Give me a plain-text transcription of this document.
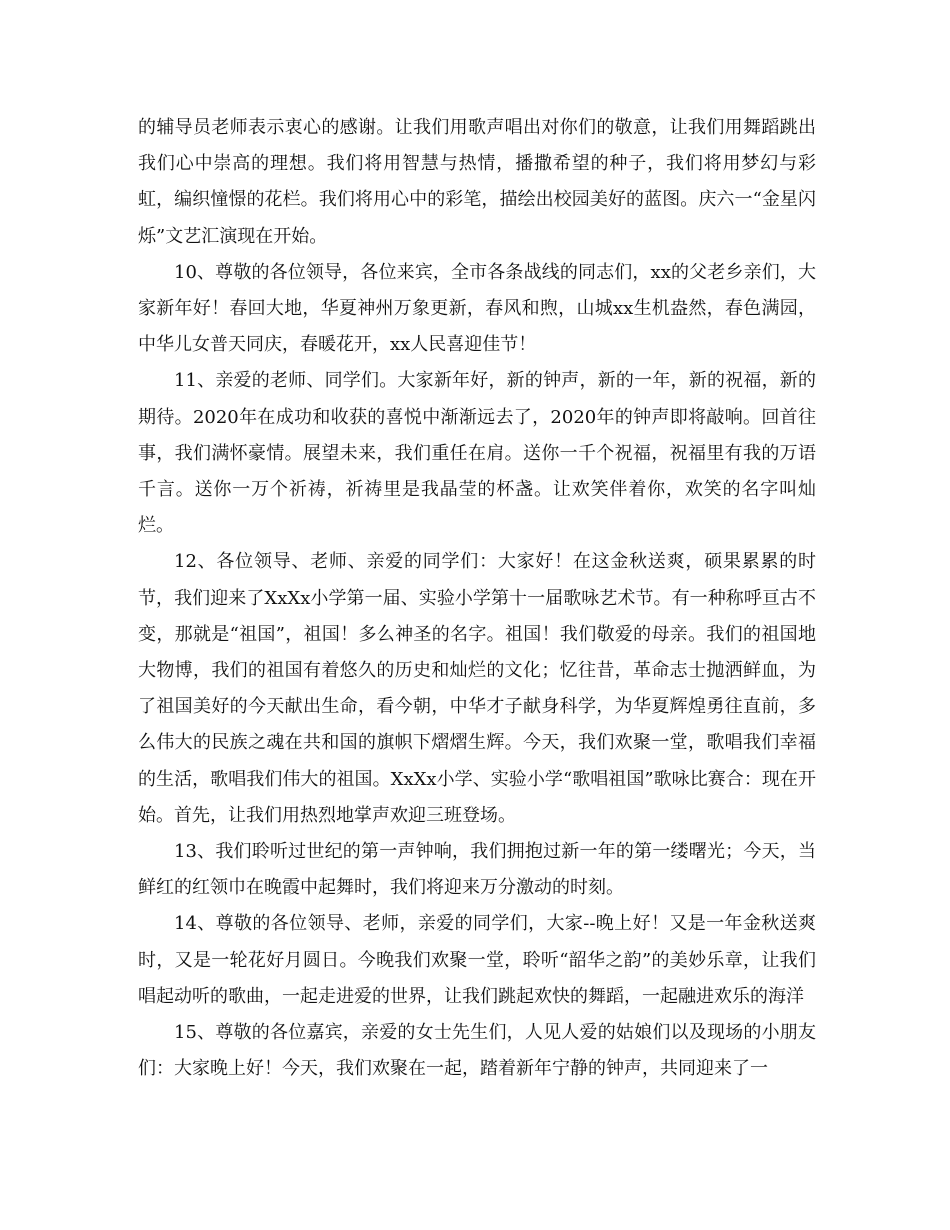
的辅导员老师表示衷心的感谢。让我们用歌声唱出对你们的敬意，让我们用舞蹈跳出我们心中崇高的理想。我们将用智慧与热情，播撒希望的种子，我们将用梦幻与彩虹，编织憧憬的花栏。我们将用心中的彩笔，描绘出校园美好的蓝图。庆六一“金星闪烁”文艺汇演现在开始。

10、尊敬的各位领导，各位来宾，全市各条战线的同志们，xx的父老乡亲们，大家新年好！春回大地，华夏神州万象更新，春风和煦，山城xx生机盎然，春色满园，中华儿女普天同庆，春暖花开，xx人民喜迎佳节！

11、亲爱的老师、同学们。大家新年好，新的钟声，新的一年，新的祝福，新的期待。2020年在成功和收获的喜悦中渐渐远去了，2020年的钟声即将敲响。回首往事，我们满怀豪情。展望未来，我们重任在肩。送你一千个祝福，祝福里有我的万语千言。送你一万个祈祷，祈祷里是我晶莹的杯盏。让欢笑伴着你，欢笑的名字叫灿烂。

12、各位领导、老师、亲爱的同学们：大家好！在这金秋送爽，硕果累累的时节，我们迎来了XxXx小学第一届、实验小学第十一届歌咏艺术节。有一种称呼亘古不变，那就是“祖国”，祖国！多么神圣的名字。祖国！我们敬爱的母亲。我们的祖国地大物博，我们的祖国有着悠久的历史和灿烂的文化；忆往昔，革命志士抛洒鲜血，为了祖国美好的今天献出生命，看今朝，中华才子献身科学，为华夏辉煌勇往直前，多么伟大的民族之魂在共和国的旗帜下熠熠生辉。今天，我们欢聚一堂，歌唱我们幸福的生活，歌唱我们伟大的祖国。XxXx小学、实验小学“歌唱祖国”歌咏比赛合：现在开始。首先，让我们用热烈地掌声欢迎三班登场。

13、我们聆听过世纪的第一声钟响，我们拥抱过新一年的第一缕曙光；今天，当鲜红的红领巾在晚霞中起舞时，我们将迎来万分激动的时刻。

14、尊敬的各位领导、老师，亲爱的同学们，大家--晚上好！又是一年金秋送爽时，又是一轮花好月圆日。今晚我们欢聚一堂，聆听“韶华之韵”的美妙乐章，让我们唱起动听的歌曲，一起走进爱的世界，让我们跳起欢快的舞蹈，一起融进欢乐的海洋

15、尊敬的各位嘉宾，亲爱的女士先生们，人见人爱的姑娘们以及现场的小朋友们：大家晚上好！今天，我们欢聚在一起，踏着新年宁静的钟声，共同迎来了一
